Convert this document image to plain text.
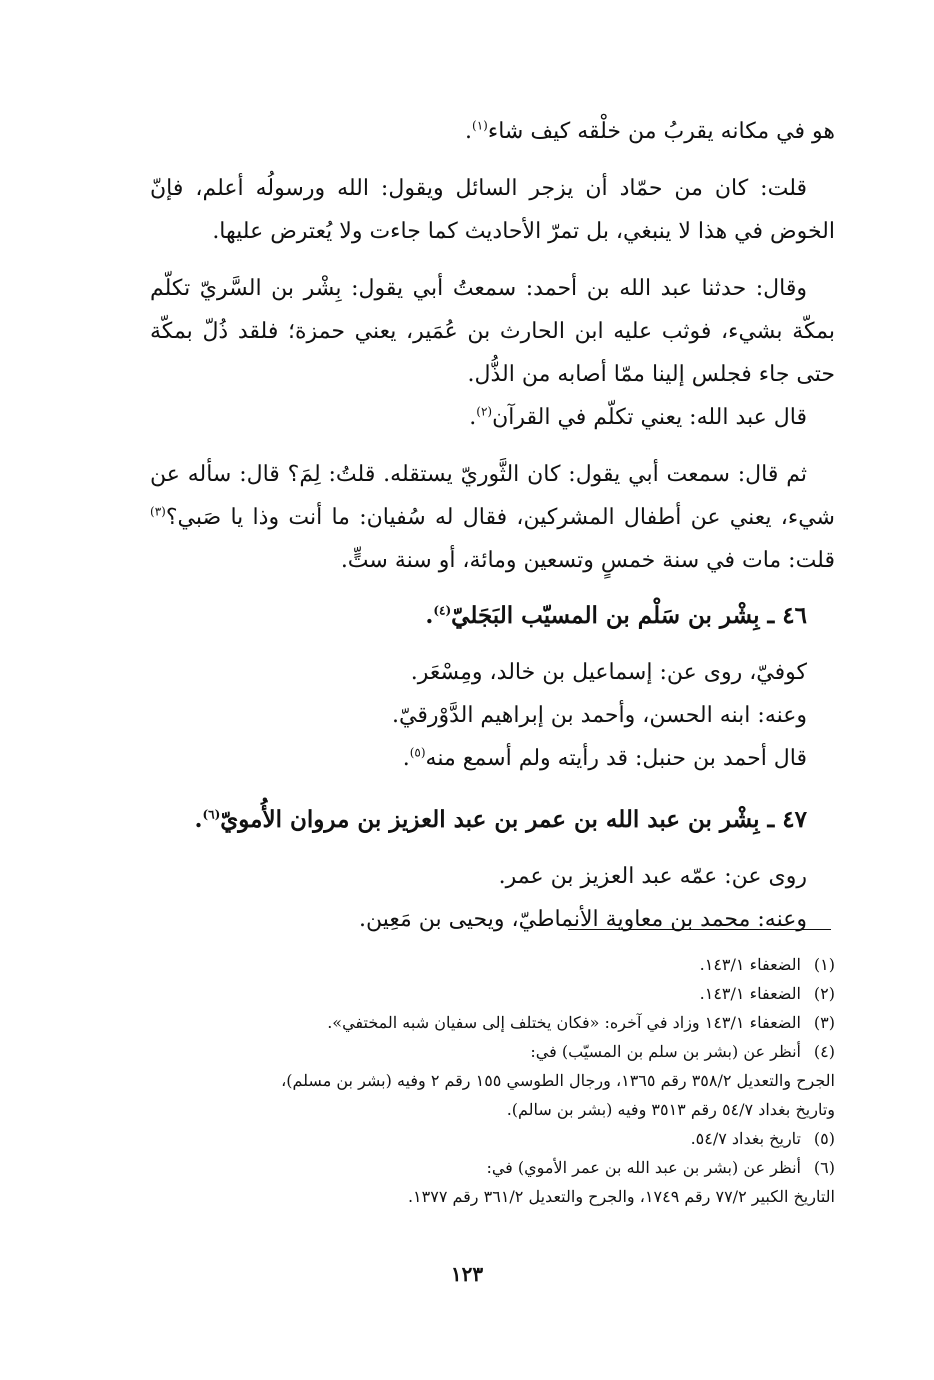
هو في مكانه يقربُ من خلْقه كيف شاء$^{(١)}$.

قلت: كان من حمّاد أن يزجر السائل ويقول: الله ورسولُه أعلم، فإنّ الخوض في هذا لا ينبغي، بل تمرّ الأحاديث كما جاءت ولا يُعترض عليها.

وقال: حدثنا عبد الله بن أحمد: سمعتُ أبي يقول: بِشْر بن السَّريّ تكلّم بمكّة بشيء، فوثب عليه ابن الحارث بن عُمَير، يعني حمزة؛ فلقد ذُلّ بمكّة حتى جاء فجلس إلينا ممّا أصابه من الذُّل.

قال عبد الله: يعني تكلّم في القرآن$^{(٢)}$.

ثم قال: سمعت أبي يقول: كان الثَّوريّ يستقله. قلتُ: لِمَ؟ قال: سأله عن شيء، يعني عن أطفال المشركين، فقال له سُفيان: ما أنت وذا يا صَبي؟$^{(٣)}$ قلت: مات في سنة خمسٍ وتسعين ومائة، أو سنة ستٍّ.

٤٦ ـ بِشْر بن سَلْم بن المسيّب البَجَليّ$^{(٤)}$.

كوفيّ، روى عن: إسماعيل بن خالد، ومِسْعَر.

وعنه: ابنه الحسن، وأحمد بن إبراهيم الدَّوْرقيّ.

قال أحمد بن حنبل: قد رأيته ولم أسمع منه$^{(٥)}$.

٤٧ ـ بِشْر بن عبد الله بن عمر بن عبد العزيز بن مروان الأُمويّ$^{(٦)}$.

روى عن: عمّه عبد العزيز بن عمر.

وعنه: محمد بن معاوية الأنماطيّ، ويحيى بن مَعِين.

(١)
الضعفاء ١٤٣/١.
(٢)
الضعفاء ١٤٣/١.
(٣)
الضعفاء ١٤٣/١ وزاد في آخره: «فكان يختلف إلى سفيان شبه المختفي».
(٤)
أنظر عن (بشر بن سلم بن المسيّب) في:
الجرح والتعديل ٣٥٨/٢ رقم ١٣٦٥، ورجال الطوسي ١٥٥ رقم ٢ وفيه (بشر بن مسلم)،
وتاريخ بغداد ٥٤/٧ رقم ٣٥١٣ وفيه (بشر بن سالم).
(٥)
تاريخ بغداد ٥٤/٧.
(٦)
أنظر عن (بشر بن عبد الله بن عمر الأموي) في:
التاريخ الكبير ٧٧/٢ رقم ١٧٤٩، والجرح والتعديل ٣٦١/٢ رقم ١٣٧٧.
١٢٣
